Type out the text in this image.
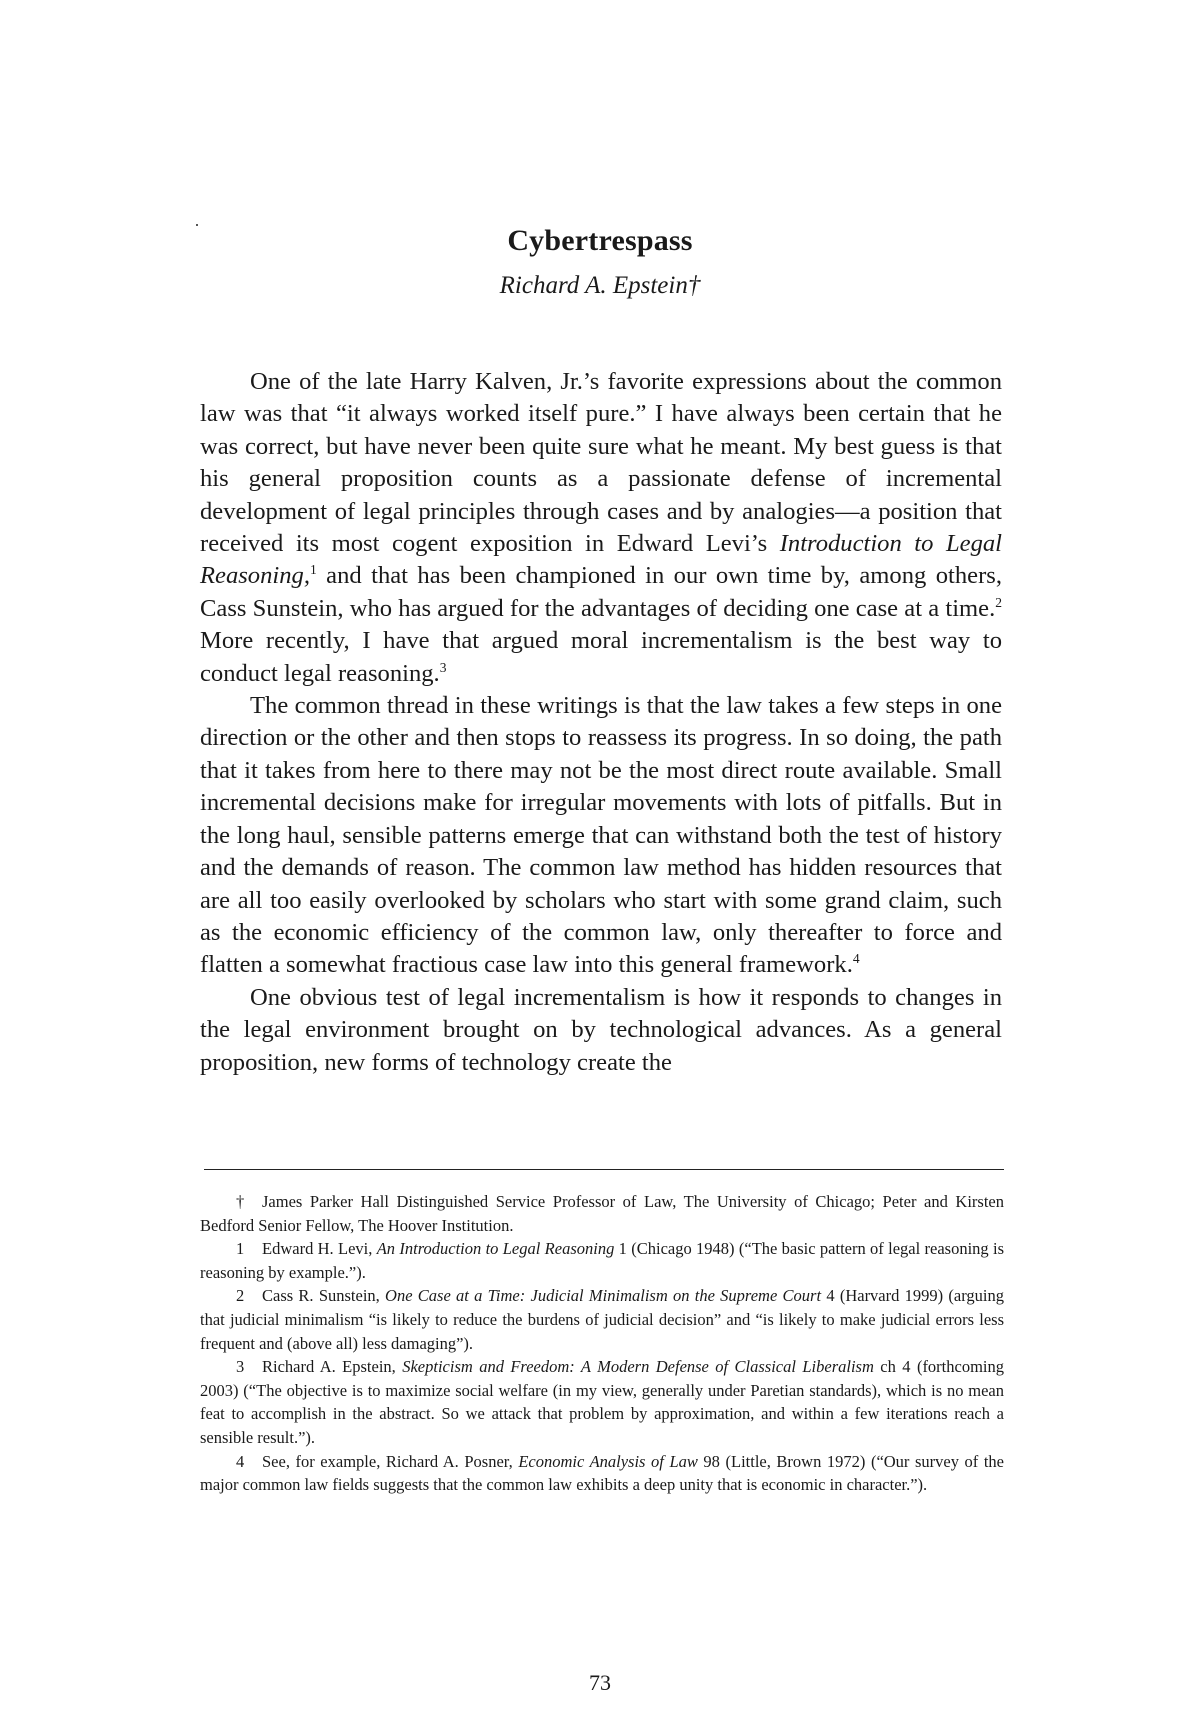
Cybertrespass
Richard A. Epstein†

One of the late Harry Kalven, Jr.’s favorite expressions about the common law was that “it always worked itself pure.” I have always been certain that he was correct, but have never been quite sure what he meant. My best guess is that his general proposition counts as a passionate defense of incremental development of legal principles through cases and by analogies—a position that received its most cogent exposition in Edward Levi’s Introduction to Legal Reasoning,$^1$ and that has been championed in our own time by, among others, Cass Sunstein, who has argued for the advantages of deciding one case at a time.$^2$ More recently, I have that argued moral incrementalism is the best way to conduct legal reasoning.$^3$

The common thread in these writings is that the law takes a few steps in one direction or the other and then stops to reassess its progress. In so doing, the path that it takes from here to there may not be the most direct route available. Small incremental decisions make for irregular movements with lots of pitfalls. But in the long haul, sensible patterns emerge that can withstand both the test of history and the demands of reason. The common law method has hidden resources that are all too easily overlooked by scholars who start with some grand claim, such as the economic efficiency of the common law, only thereafter to force and flatten a somewhat fractious case law into this general framework.$^4$

One obvious test of legal incrementalism is how it responds to changes in the legal environment brought on by technological advances. As a general proposition, new forms of technology create the

† James Parker Hall Distinguished Service Professor of Law, The University of Chicago; Peter and Kirsten Bedford Senior Fellow, The Hoover Institution.

1 Edward H. Levi, An Introduction to Legal Reasoning 1 (Chicago 1948) (“The basic pattern of legal reasoning is reasoning by example.”).

2 Cass R. Sunstein, One Case at a Time: Judicial Minimalism on the Supreme Court 4 (Harvard 1999) (arguing that judicial minimalism “is likely to reduce the burdens of judicial decision” and “is likely to make judicial errors less frequent and (above all) less damaging”).

3 Richard A. Epstein, Skepticism and Freedom: A Modern Defense of Classical Liberalism ch 4 (forthcoming 2003) (“The objective is to maximize social welfare (in my view, generally under Paretian standards), which is no mean feat to accomplish in the abstract. So we attack that problem by approximation, and within a few iterations reach a sensible result.”).

4 See, for example, Richard A. Posner, Economic Analysis of Law 98 (Little, Brown 1972) (“Our survey of the major common law fields suggests that the common law exhibits a deep unity that is economic in character.”).

73
